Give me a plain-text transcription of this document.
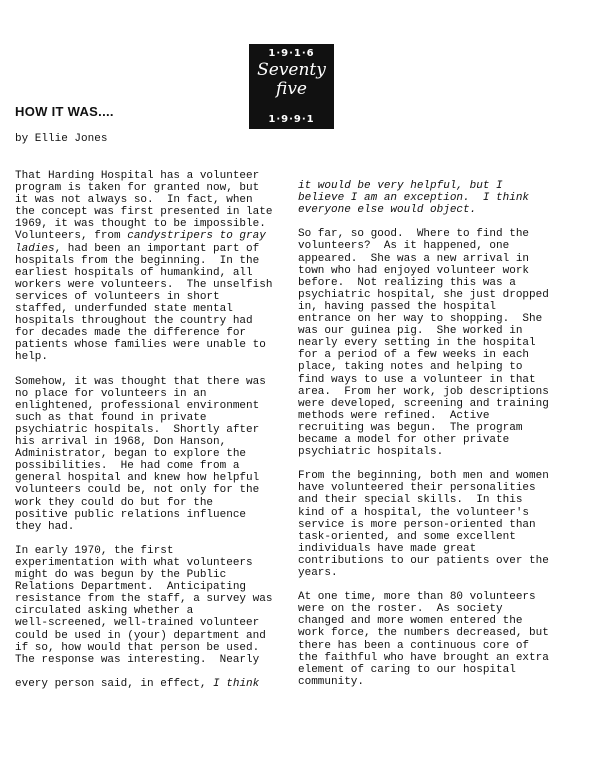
1·9·1·6
Seventy
five
1·9·9·1
HOW IT WAS....
by Ellie Jones
That Harding Hospital has a volunteer
program is taken for granted now, but
it was not always so.  In fact, when
the concept was first presented in late
1969, it was thought to be impossible.
Volunteers, from candystripers to gray
ladies, had been an important part of
hospitals from the beginning.  In the
earliest hospitals of humankind, all
workers were volunteers.  The unselfish
services of volunteers in short
staffed, underfunded state mental
hospitals throughout the country had
for decades made the difference for
patients whose families were unable to
help.
Somehow, it was thought that there was
no place for volunteers in an
enlightened, professional environment
such as that found in private
psychiatric hospitals.  Shortly after
his arrival in 1968, Don Hanson,
Administrator, began to explore the
possibilities.  He had come from a
general hospital and knew how helpful
volunteers could be, not only for the
work they could do but for the
positive public relations influence
they had.
In early 1970, the first
experimentation with what volunteers
might do was begun by the Public
Relations Department.  Anticipating
resistance from the staff, a survey was
circulated asking whether a
well-screened, well-trained volunteer
could be used in (your) department and
if so, how would that person be used.
The response was interesting.  Nearly
every person said, in effect, I think
it would be very helpful, but I
believe I am an exception.  I think
everyone else would object.
So far, so good.  Where to find the
volunteers?  As it happened, one
appeared.  She was a new arrival in
town who had enjoyed volunteer work
before.  Not realizing this was a
psychiatric hospital, she just dropped
in, having passed the hospital
entrance on her way to shopping.  She
was our guinea pig.  She worked in
nearly every setting in the hospital
for a period of a few weeks in each
place, taking notes and helping to
find ways to use a volunteer in that
area.  From her work, job descriptions
were developed, screening and training
methods were refined.  Active
recruiting was begun.  The program
became a model for other private
psychiatric hospitals.
From the beginning, both men and women
have volunteered their personalities
and their special skills.  In this
kind of a hospital, the volunteer's
service is more person-oriented than
task-oriented, and some excellent
individuals have made great
contributions to our patients over the
years.
At one time, more than 80 volunteers
were on the roster.  As society
changed and more women entered the
work force, the numbers decreased, but
there has been a continuous core of
the faithful who have brought an extra
element of caring to our hospital
community.
